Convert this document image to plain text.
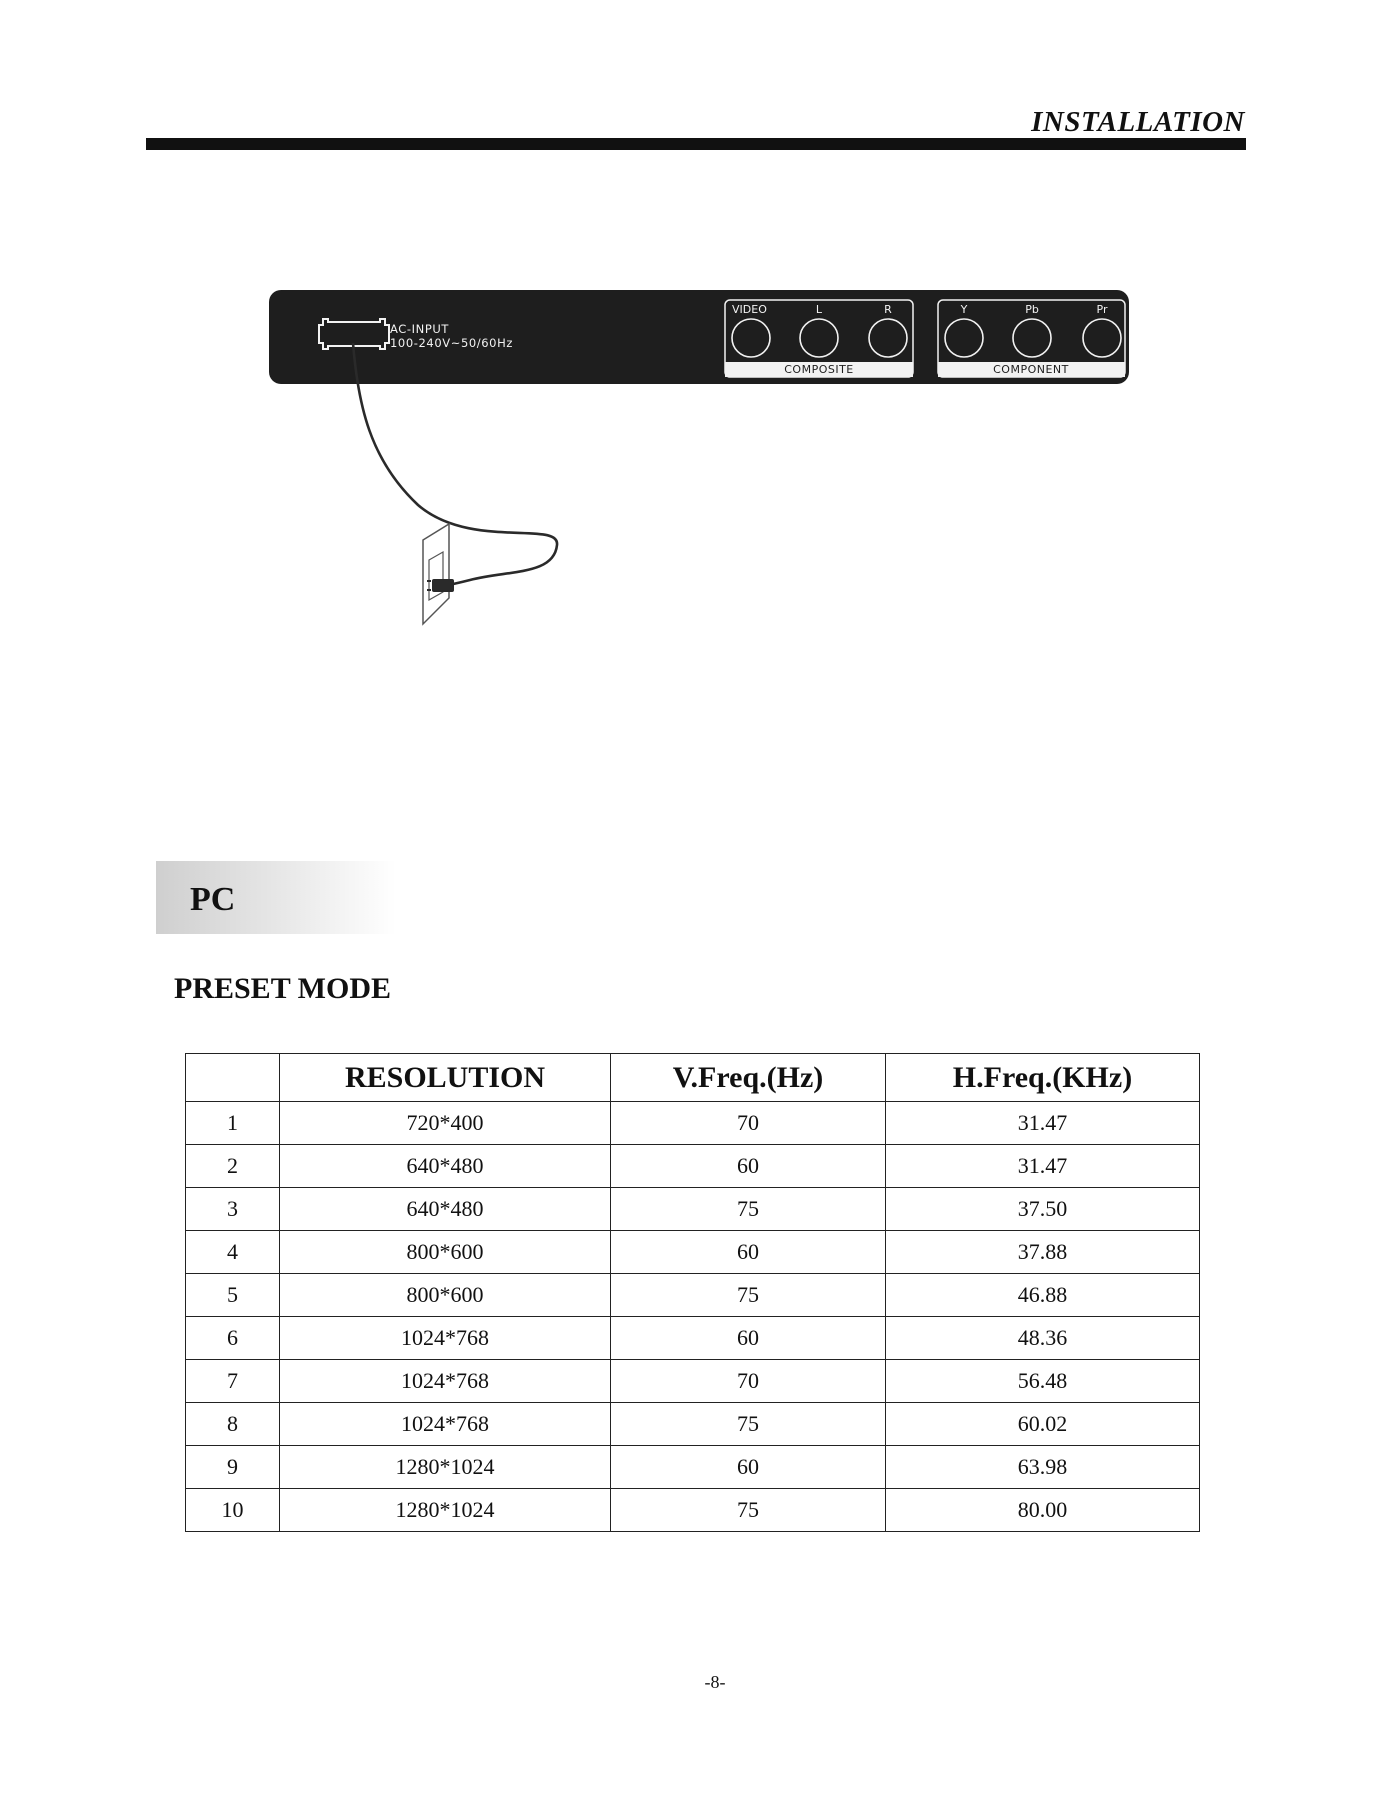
INSTALLATION
AC-INPUT
100-240V~50/60Hz
COMPOSITE
VIDEO	L	R
COMPONENT
Y	Pb	Pr
PC
PRESET MODE
	RESOLUTION	V.Freq.(Hz)	H.Freq.(KHz)
1	720*400	70	31.47
2	640*480	60	31.47
3	640*480	75	37.50
4	800*600	60	37.88
5	800*600	75	46.88
6	1024*768	60	48.36
7	1024*768	70	56.48
8	1024*768	75	60.02
9	1280*1024	60	63.98
10	1280*1024	75	80.00
-8-
